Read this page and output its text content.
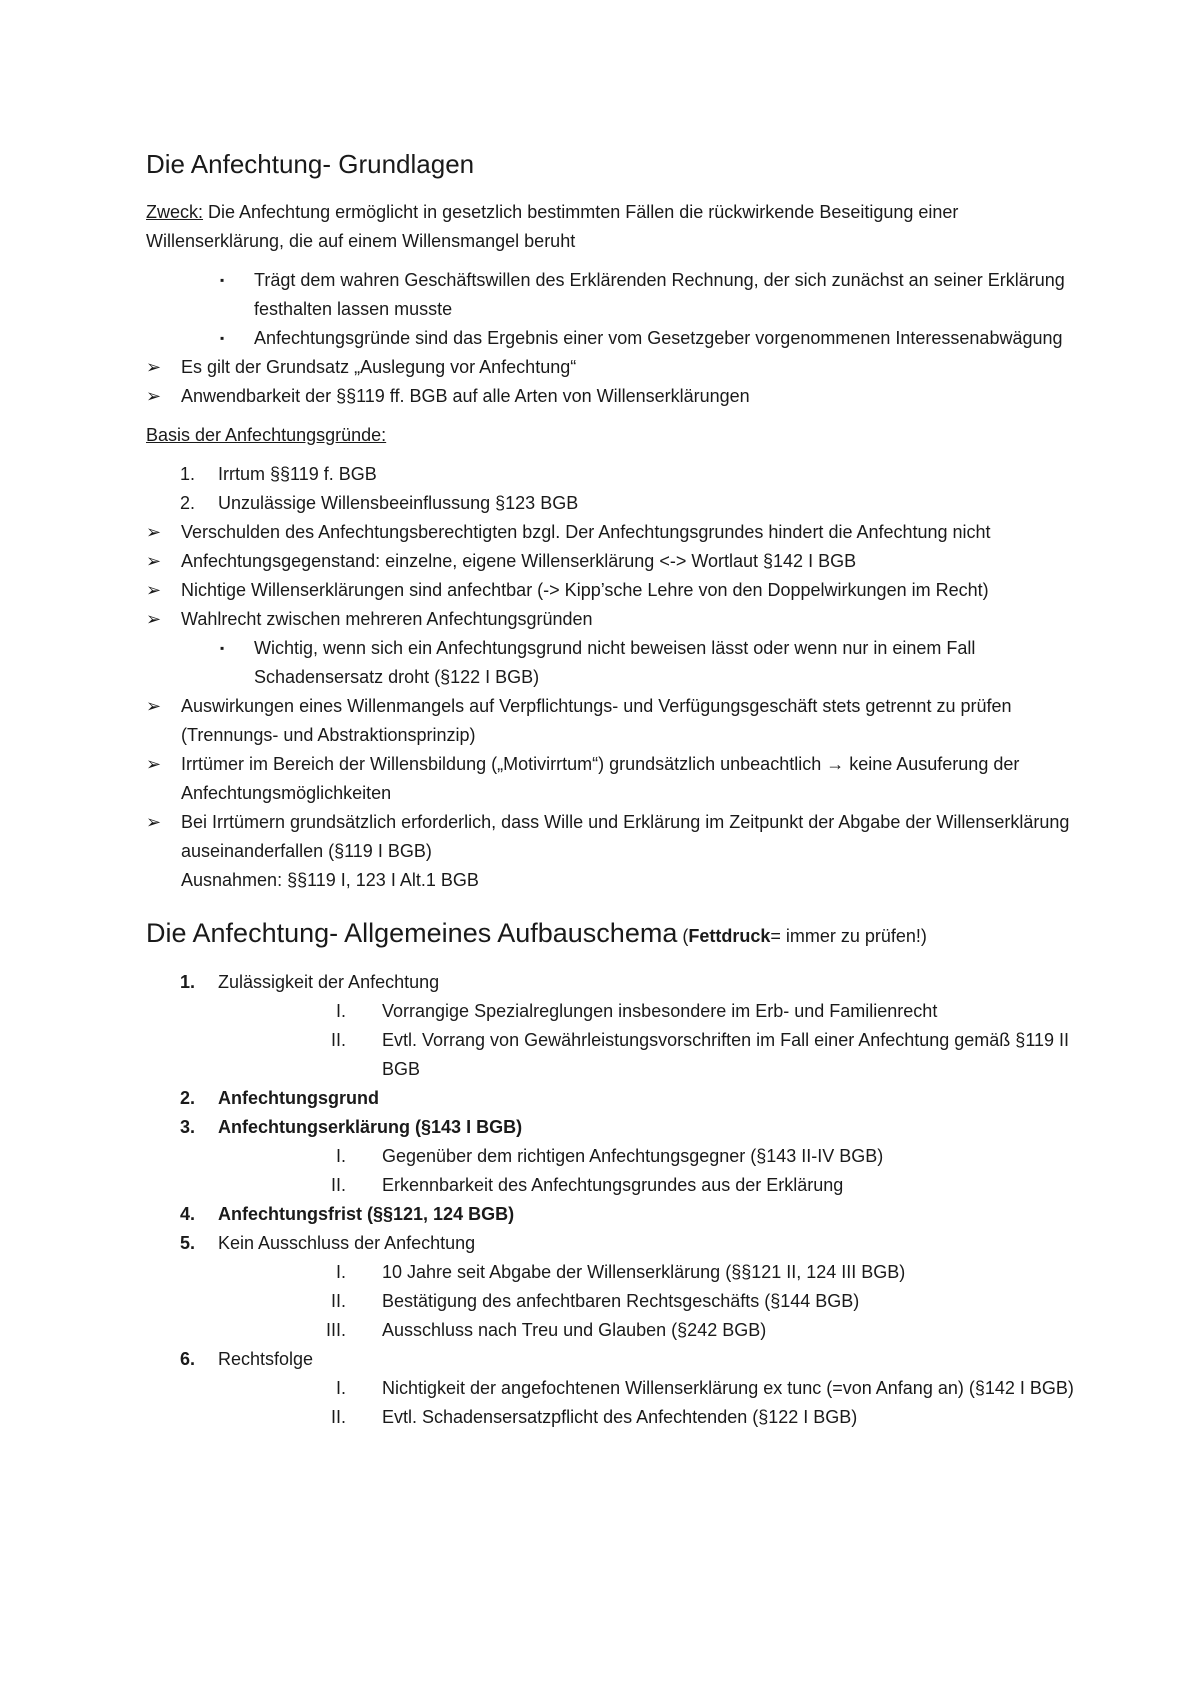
Die Anfechtung- Grundlagen

Zweck: Die Anfechtung ermöglicht in gesetzlich bestimmten Fällen die rückwirkende Beseitigung einer Willenserklärung, die auf einem Willensmangel beruht

▪ Trägt dem wahren Geschäftswillen des Erklärenden Rechnung, der sich zunächst an seiner Erklärung festhalten lassen musste
▪ Anfechtungsgründe sind das Ergebnis einer vom Gesetzgeber vorgenommenen Interessenabwägung
➢ Es gilt der Grundsatz „Auslegung vor Anfechtung“
➢ Anwendbarkeit der §§119 ff. BGB auf alle Arten von Willenserklärungen

Basis der Anfechtungsgründe:

1. Irrtum §§119 f. BGB
2. Unzulässige Willensbeeinflussung §123 BGB
➢ Verschulden des Anfechtungsberechtigten bzgl. Der Anfechtungsgrundes hindert die Anfechtung nicht
➢ Anfechtungsgegenstand: einzelne, eigene Willenserklärung <-> Wortlaut §142 I BGB
➢ Nichtige Willenserklärungen sind anfechtbar (-> Kipp’sche Lehre von den Doppelwirkungen im Recht)
➢ Wahlrecht zwischen mehreren Anfechtungsgründen
▪ Wichtig, wenn sich ein Anfechtungsgrund nicht beweisen lässt oder wenn nur in einem Fall Schadensersatz droht (§122 I BGB)
➢ Auswirkungen eines Willenmangels auf Verpflichtungs- und Verfügungsgeschäft stets getrennt zu prüfen (Trennungs- und Abstraktionsprinzip)
➢ Irrtümer im Bereich der Willensbildung („Motivirrtum“) grundsätzlich unbeachtlich → keine Ausuferung der Anfechtungsmöglichkeiten
➢ Bei Irrtümern grundsätzlich erforderlich, dass Wille und Erklärung im Zeitpunkt der Abgabe der Willenserklärung auseinanderfallen (§119 I BGB)
Ausnahmen: §§119 I, 123 I Alt.1 BGB
Die Anfechtung- Allgemeines Aufbauschema (Fettdruck= immer zu prüfen!)
1. Zulässigkeit der Anfechtung
I. Vorrangige Spezialreglungen insbesondere im Erb- und Familienrecht
II. Evtl. Vorrang von Gewährleistungsvorschriften im Fall einer Anfechtung gemäß §119 II BGB
2. Anfechtungsgrund
3. Anfechtungserklärung (§143 I BGB)
I. Gegenüber dem richtigen Anfechtungsgegner (§143 II-IV BGB)
II. Erkennbarkeit des Anfechtungsgrundes aus der Erklärung
4. Anfechtungsfrist (§§121, 124 BGB)
5. Kein Ausschluss der Anfechtung
I. 10 Jahre seit Abgabe der Willenserklärung (§§121 II, 124 III BGB)
II. Bestätigung des anfechtbaren Rechtsgeschäfts (§144 BGB)
III. Ausschluss nach Treu und Glauben (§242 BGB)
6. Rechtsfolge
I. Nichtigkeit der angefochtenen Willenserklärung ex tunc (=von Anfang an) (§142 I BGB)
II. Evtl. Schadensersatzpflicht des Anfechtenden (§122 I BGB)
